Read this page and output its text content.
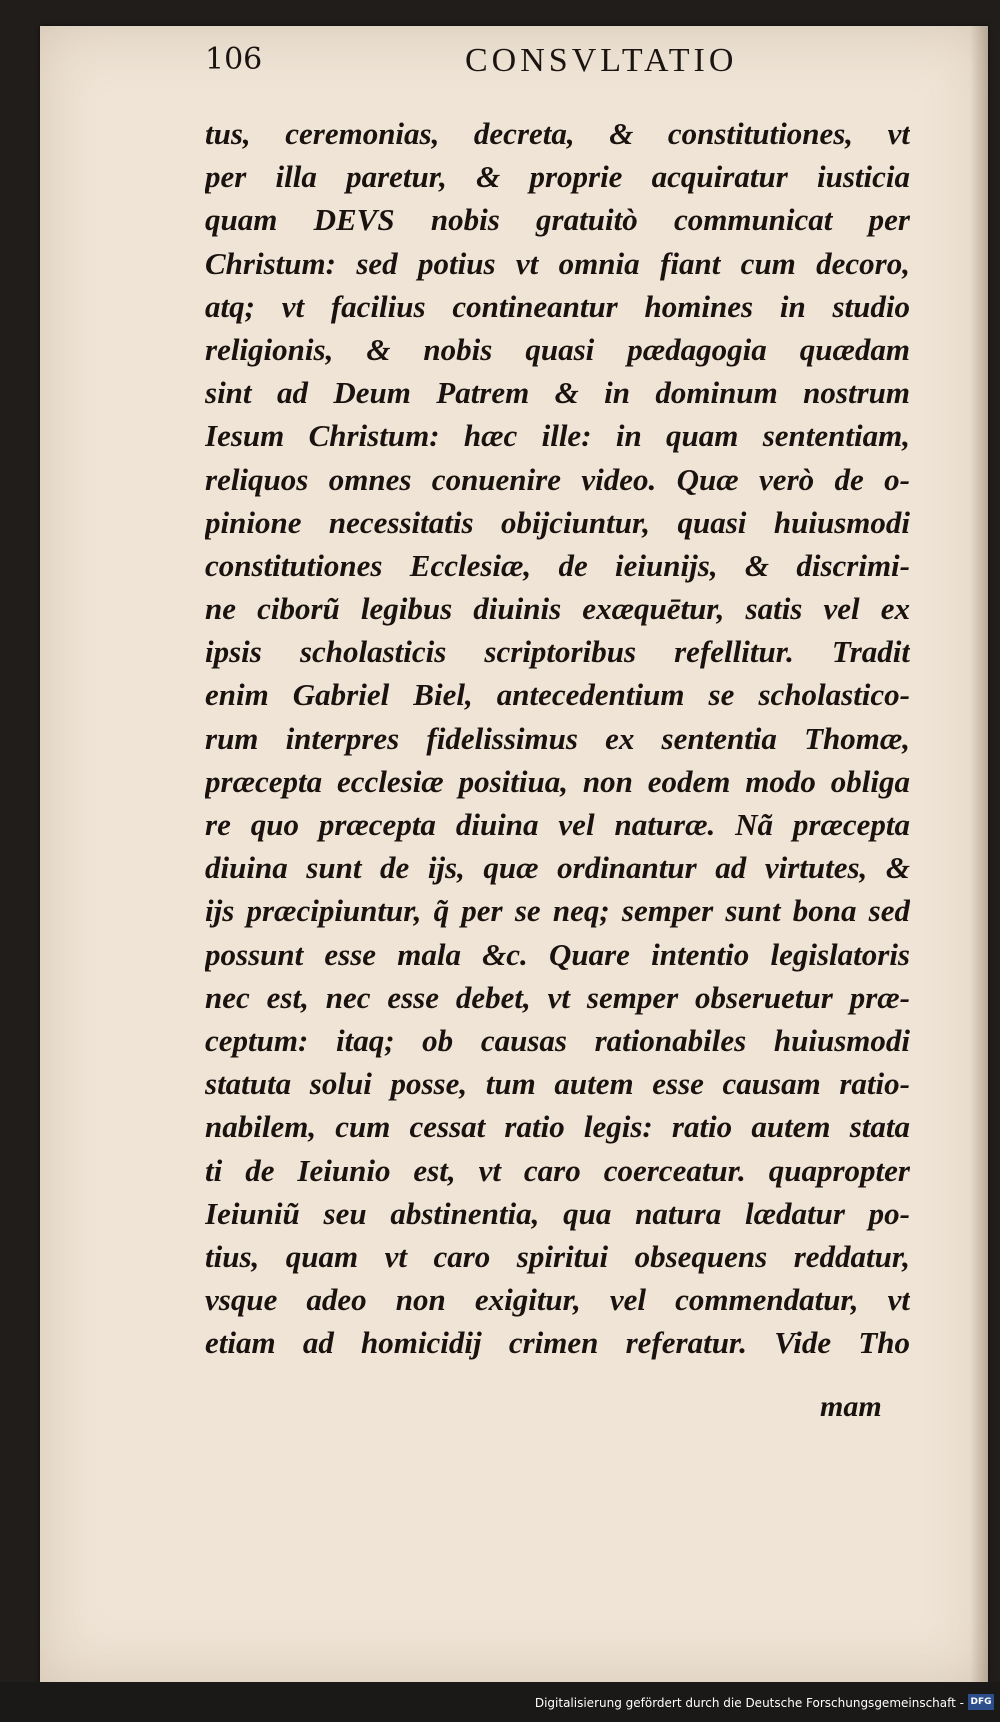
106	CONSVLTATIO
tus, ceremonias, decreta, & constitutiones, vt
per illa paretur, & proprie acquiratur iusticia
quam DEVS nobis gratuitò communicat per
Christum: sed potius vt omnia fiant cum decoro,
atq; vt facilius contineantur homines in studio
religionis, & nobis quasi pædagogia quædam
sint ad Deum Patrem & in dominum nostrum
Iesum Christum: hæc ille: in quam sententiam,
reliquos omnes conuenire video. Quæ verò de o-
pinione necessitatis obijciuntur, quasi huiusmodi
constitutiones Ecclesiæ, de ieiunijs, & discrimi-
ne ciborũ legibus diuinis exæquētur, satis vel ex
ipsis scholasticis scriptoribus refellitur. Tradit
enim Gabriel Biel, antecedentium se scholastico-
rum interpres fidelissimus ex sententia Thomæ,
præcepta ecclesiæ positiua, non eodem modo obliga
re quo præcepta diuina vel naturæ. Nã præcepta
diuina sunt de ijs, quæ ordinantur ad virtutes, &
ijs præcipiuntur, q̃ per se neq; semper sunt bona sed
possunt esse mala &c. Quare intentio legislatoris
nec est, nec esse debet, vt semper obseruetur præ-
ceptum: itaq; ob causas rationabiles huiusmodi
statuta solui posse, tum autem esse causam ratio-
nabilem, cum cessat ratio legis: ratio autem stata
ti de Ieiunio est, vt caro coerceatur. quapropter
Ieiuniũ seu abstinentia, qua natura lædatur po-
tius, quam vt caro spiritui obsequens reddatur,
vsque adeo non exigitur, vel commendatur, vt
etiam ad homicidij crimen referatur. Vide Tho
mam
Digitalisierung gefördert durch die Deutsche Forschungsgemeinschaft - DFG
